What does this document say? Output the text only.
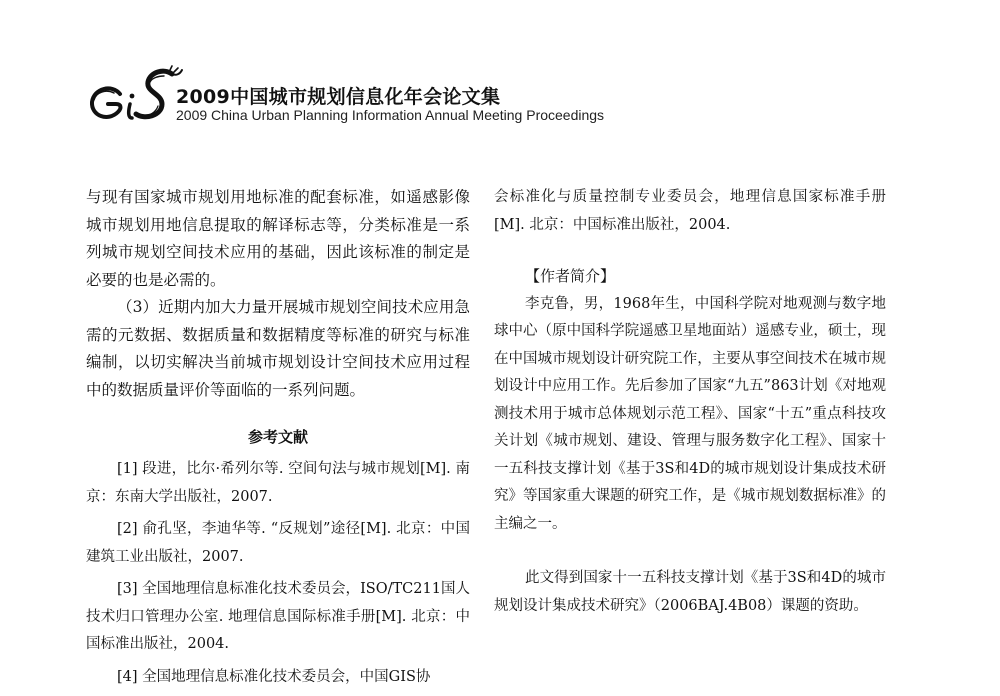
2009中国城市规划信息化年会论文集
2009 China Urban Planning Information Annual Meeting Proceedings

与现有国家城市规划用地标准的配套标准，如遥感影像城市规划用地信息提取的解译标志等，分类标准是一系列城市规划空间技术应用的基础，因此该标准的制定是必要的也是必需的。

（3）近期内加大力量开展城市规划空间技术应用急需的元数据、数据质量和数据精度等标准的研究与标准编制，以切实解决当前城市规划设计空间技术应用过程中的数据质量评价等面临的一系列问题。

参考文献

[1] 段进，比尔·希列尔等. 空间句法与城市规划[M]. 南京：东南大学出版社，2007.

[2] 俞孔坚，李迪华等. “反规划”途径[M]. 北京：中国建筑工业出版社，2007.

[3] 全国地理信息标准化技术委员会，ISO/TC211国人技术归口管理办公室. 地理信息国际标准手册[M]. 北京：中国标准出版社，2004.

[4] 全国地理信息标准化技术委员会，中国GIS协

会标准化与质量控制专业委员会，地理信息国家标准手册[M]. 北京：中国标准出版社，2004.

【作者简介】

李克鲁，男，1968年生，中国科学院对地观测与数字地球中心（原中国科学院遥感卫星地面站）遥感专业，硕士，现在中国城市规划设计研究院工作，主要从事空间技术在城市规划设计中应用工作。先后参加了国家“九五”863计划《对地观测技术用于城市总体规划示范工程》、国家“十五”重点科技攻关计划《城市规划、建设、管理与服务数字化工程》、国家十一五科技支撑计划《基于3S和4D的城市规划设计集成技术研究》等国家重大课题的研究工作，是《城市规划数据标准》的主编之一。

此文得到国家十一五科技支撑计划《基于3S和4D的城市规划设计集成技术研究》（2006BAJ.4B08）课题的资助。
